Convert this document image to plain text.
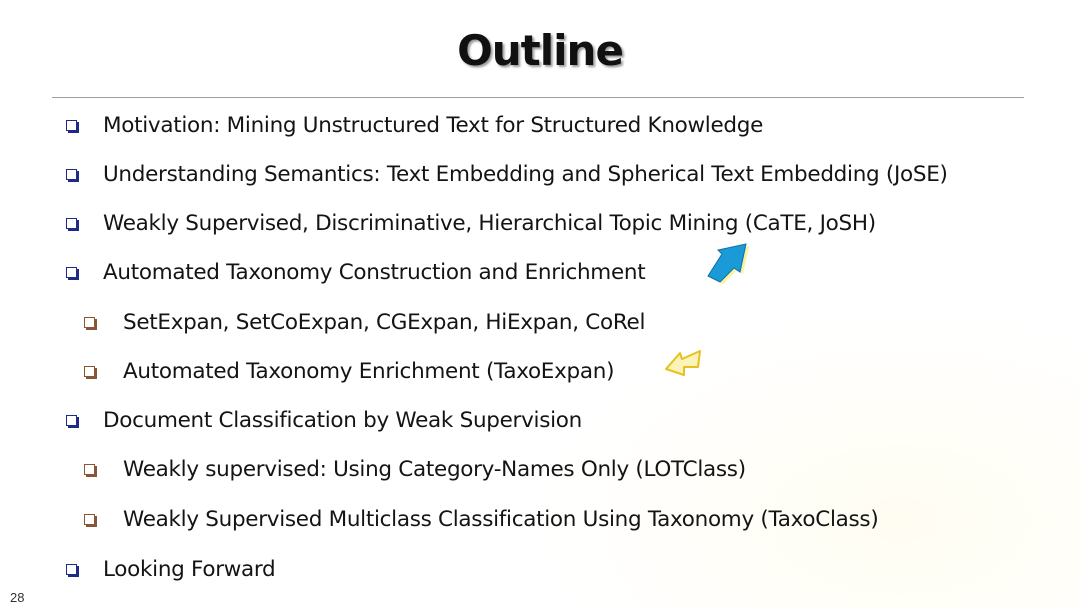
Outline
Motivation: Mining Unstructured Text for Structured Knowledge
Understanding Semantics: Text Embedding and Spherical Text Embedding (JoSE)
Weakly Supervised, Discriminative, Hierarchical Topic Mining (CaTE, JoSH)
Automated Taxonomy Construction and Enrichment
SetExpan, SetCoExpan, CGExpan, HiExpan, CoRel
Automated Taxonomy Enrichment (TaxoExpan)
Document Classification by Weak Supervision
Weakly supervised: Using Category-Names Only (LOTClass)
Weakly Supervised Multiclass Classification Using Taxonomy (TaxoClass)
Looking Forward
28
